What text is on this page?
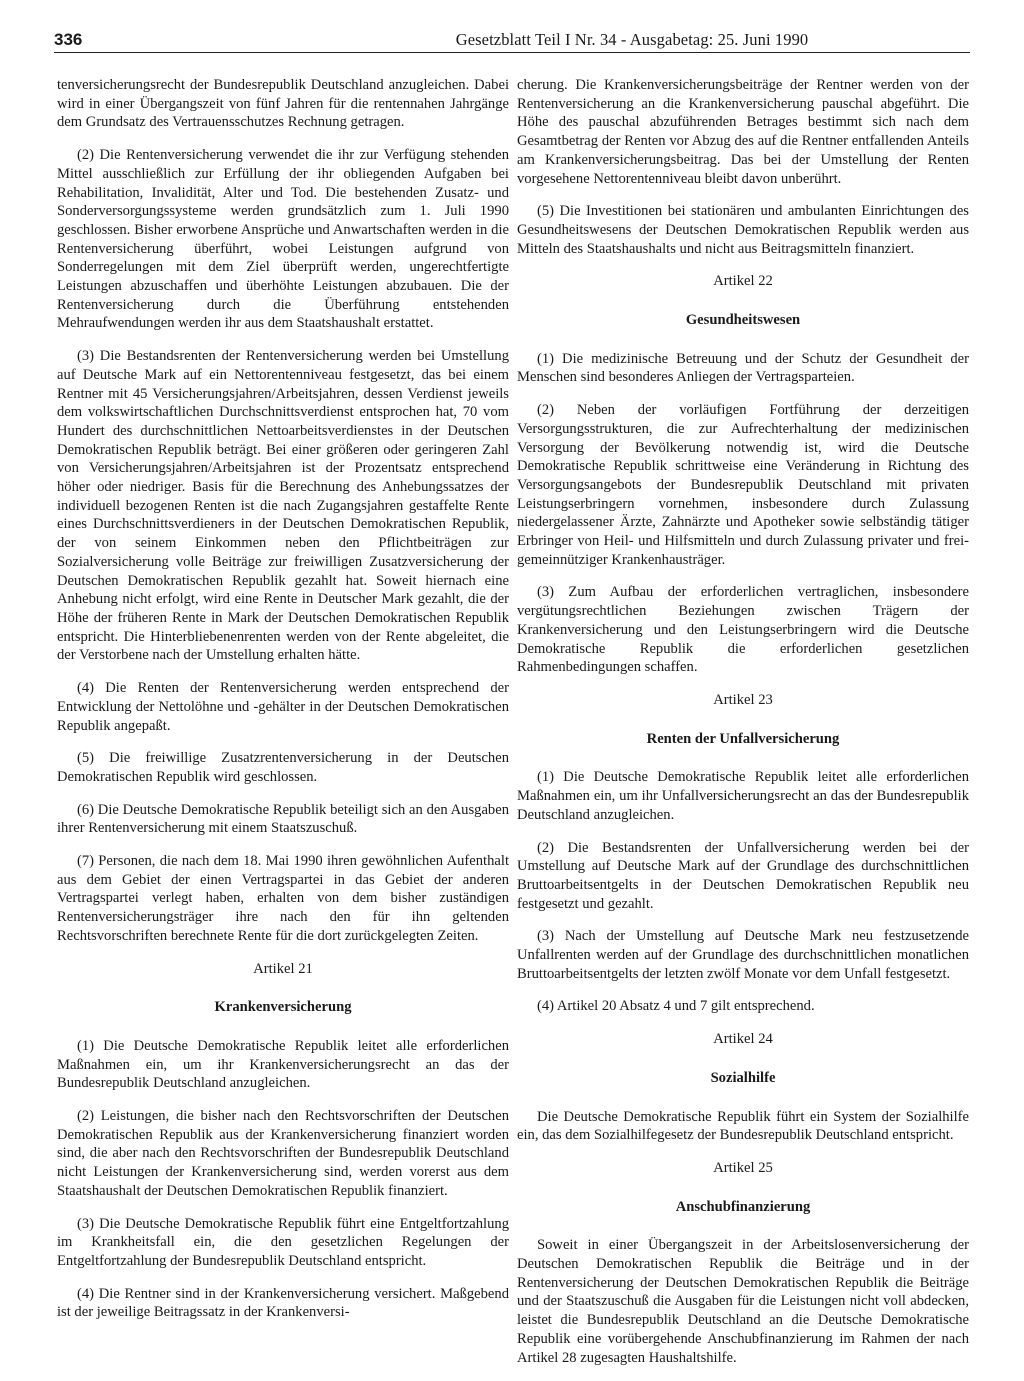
336	Gesetzblatt Teil I Nr. 34 - Ausgabetag: 25. Juni 1990

tenversicherungsrecht der Bundesrepublik Deutschland anzugleichen. Dabei wird in einer Übergangszeit von fünf Jahren für die rentennahen Jahrgänge dem Grundsatz des Vertrauensschutzes Rechnung getragen.

(2) Die Rentenversicherung verwendet die ihr zur Verfügung stehenden Mittel ausschließlich zur Erfüllung der ihr obliegenden Aufgaben bei Rehabilitation, Invalidität, Alter und Tod. Die bestehenden Zusatz- und Sonderversorgungssysteme werden grundsätzlich zum 1. Juli 1990 geschlossen. Bisher erworbene Ansprüche und Anwartschaften werden in die Rentenversicherung überführt, wobei Leistungen aufgrund von Sonderregelungen mit dem Ziel überprüft werden, ungerechtfertigte Leistungen abzuschaffen und überhöhte Leistungen abzubauen. Die der Rentenversicherung durch die Überführung entstehenden Mehraufwendungen werden ihr aus dem Staatshaushalt erstattet.

(3) Die Bestandsrenten der Rentenversicherung werden bei Umstellung auf Deutsche Mark auf ein Nettorentenniveau festgesetzt, das bei einem Rentner mit 45 Versicherungsjahren/Arbeitsjahren, dessen Verdienst jeweils dem volkswirtschaftlichen Durchschnittsverdienst entsprochen hat, 70 vom Hundert des durchschnittlichen Nettoarbeitsverdienstes in der Deutschen Demokratischen Republik beträgt. Bei einer größeren oder geringeren Zahl von Versicherungsjahren/Arbeitsjahren ist der Prozentsatz entsprechend höher oder niedriger. Basis für die Berechnung des Anhebungssatzes der individuell bezogenen Renten ist die nach Zugangsjahren gestaffelte Rente eines Durchschnittsverdieners in der Deutschen Demokratischen Republik, der von seinem Einkommen neben den Pflichtbeiträgen zur Sozialversicherung volle Beiträge zur freiwilligen Zusatzversicherung der Deutschen Demokratischen Republik gezahlt hat. Soweit hiernach eine Anhebung nicht erfolgt, wird eine Rente in Deutscher Mark gezahlt, die der Höhe der früheren Rente in Mark der Deutschen Demokratischen Republik entspricht. Die Hinterbliebenenrenten werden von der Rente abgeleitet, die der Verstorbene nach der Umstellung erhalten hätte.

(4) Die Renten der Rentenversicherung werden entsprechend der Entwicklung der Nettolöhne und -gehälter in der Deutschen Demokratischen Republik angepaßt.

(5) Die freiwillige Zusatzrentenversicherung in der Deutschen Demokratischen Republik wird geschlossen.

(6) Die Deutsche Demokratische Republik beteiligt sich an den Ausgaben ihrer Rentenversicherung mit einem Staatszuschuß.

(7) Personen, die nach dem 18. Mai 1990 ihren gewöhnlichen Aufenthalt aus dem Gebiet der einen Vertragspartei in das Gebiet der anderen Vertragspartei verlegt haben, erhalten von dem bisher zuständigen Rentenversicherungsträger ihre nach den für ihn geltenden Rechtsvorschriften berechnete Rente für die dort zurückgelegten Zeiten.

Artikel 21
Krankenversicherung

(1) Die Deutsche Demokratische Republik leitet alle erforderlichen Maßnahmen ein, um ihr Krankenversicherungsrecht an das der Bundesrepublik Deutschland anzugleichen.

(2) Leistungen, die bisher nach den Rechtsvorschriften der Deutschen Demokratischen Republik aus der Krankenversicherung finanziert worden sind, die aber nach den Rechtsvorschriften der Bundesrepublik Deutschland nicht Leistungen der Krankenversicherung sind, werden vorerst aus dem Staatshaushalt der Deutschen Demokratischen Republik finanziert.

(3) Die Deutsche Demokratische Republik führt eine Entgeltfortzahlung im Krankheitsfall ein, die den gesetzlichen Regelungen der Entgeltfortzahlung der Bundesrepublik Deutschland entspricht.

(4) Die Rentner sind in der Krankenversicherung versichert. Maßgebend ist der jeweilige Beitragssatz in der Krankenversi-

cherung. Die Krankenversicherungsbeiträge der Rentner werden von der Rentenversicherung an die Krankenversicherung pauschal abgeführt. Die Höhe des pauschal abzuführenden Betrages bestimmt sich nach dem Gesamtbetrag der Renten vor Abzug des auf die Rentner entfallenden Anteils am Krankenversicherungsbeitrag. Das bei der Umstellung der Renten vorgesehene Nettorentenniveau bleibt davon unberührt.

(5) Die Investitionen bei stationären und ambulanten Einrichtungen des Gesundheitswesens der Deutschen Demokratischen Republik werden aus Mitteln des Staatshaushalts und nicht aus Beitragsmitteln finanziert.

Artikel 22
Gesundheitswesen

(1) Die medizinische Betreuung und der Schutz der Gesundheit der Menschen sind besonderes Anliegen der Vertragsparteien.

(2) Neben der vorläufigen Fortführung der derzeitigen Versorgungsstrukturen, die zur Aufrechterhaltung der medizinischen Versorgung der Bevölkerung notwendig ist, wird die Deutsche Demokratische Republik schrittweise eine Veränderung in Richtung des Versorgungsangebots der Bundesrepublik Deutschland mit privaten Leistungserbringern vornehmen, insbesondere durch Zulassung niedergelassener Ärzte, Zahnärzte und Apotheker sowie selbständig tätiger Erbringer von Heil- und Hilfsmitteln und durch Zulassung privater und frei-gemeinnütziger Krankenhausträger.

(3) Zum Aufbau der erforderlichen vertraglichen, insbesondere vergütungsrechtlichen Beziehungen zwischen Trägern der Krankenversicherung und den Leistungserbringern wird die Deutsche Demokratische Republik die erforderlichen gesetzlichen Rahmenbedingungen schaffen.

Artikel 23
Renten der Unfallversicherung

(1) Die Deutsche Demokratische Republik leitet alle erforderlichen Maßnahmen ein, um ihr Unfallversicherungsrecht an das der Bundesrepublik Deutschland anzugleichen.

(2) Die Bestandsrenten der Unfallversicherung werden bei der Umstellung auf Deutsche Mark auf der Grundlage des durchschnittlichen Bruttoarbeitsentgelts in der Deutschen Demokratischen Republik neu festgesetzt und gezahlt.

(3) Nach der Umstellung auf Deutsche Mark neu festzusetzende Unfallrenten werden auf der Grundlage des durchschnittlichen monatlichen Bruttoarbeitsentgelts der letzten zwölf Monate vor dem Unfall festgesetzt.

(4) Artikel 20 Absatz 4 und 7 gilt entsprechend.

Artikel 24
Sozialhilfe

Die Deutsche Demokratische Republik führt ein System der Sozialhilfe ein, das dem Sozialhilfegesetz der Bundesrepublik Deutschland entspricht.

Artikel 25
Anschubfinanzierung

Soweit in einer Übergangszeit in der Arbeitslosenversicherung der Deutschen Demokratischen Republik die Beiträge und in der Rentenversicherung der Deutschen Demokratischen Republik die Beiträge und der Staatszuschuß die Ausgaben für die Leistungen nicht voll abdecken, leistet die Bundesrepublik Deutschland an die Deutsche Demokratische Republik eine vorübergehende Anschubfinanzierung im Rahmen der nach Artikel 28 zugesagten Haushaltshilfe.
